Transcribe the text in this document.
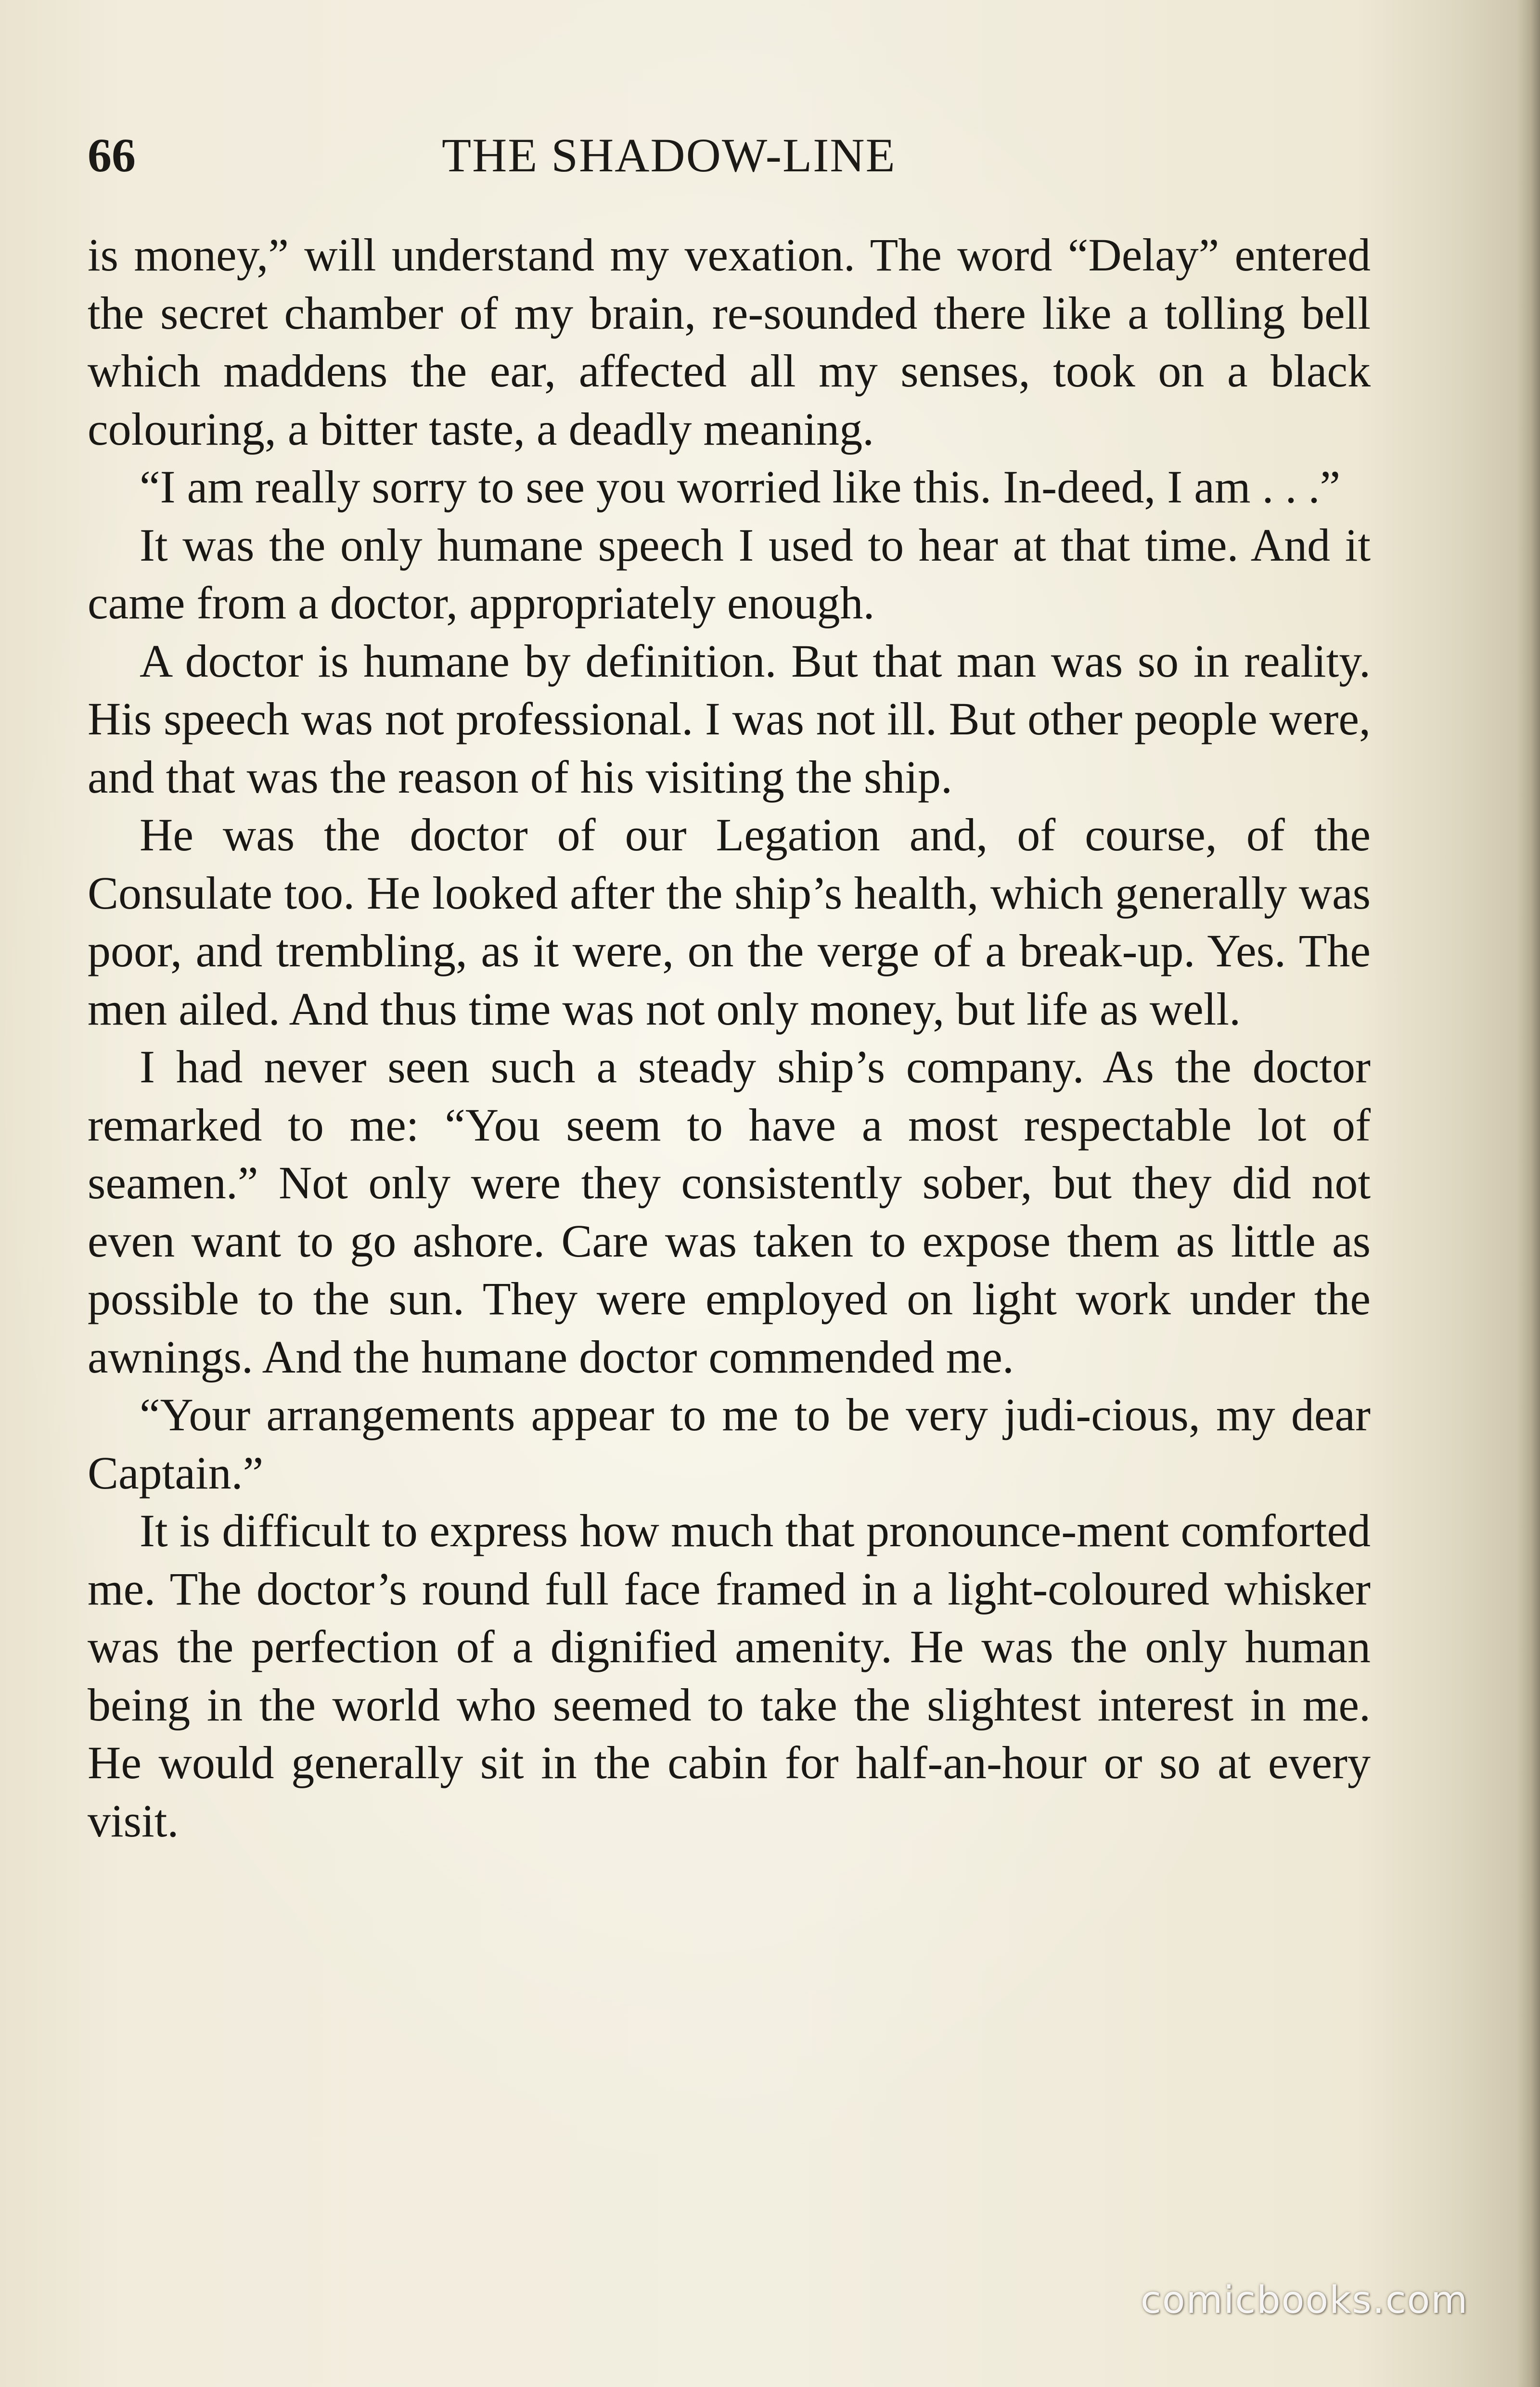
66	THE SHADOW-LINE

is money,” will understand my vexation. The word “Delay” entered the secret chamber of my brain, re-sounded there like a tolling bell which maddens the ear, affected all my senses, took on a black colouring, a bitter taste, a deadly meaning.

“I am really sorry to see you worried like this. In-deed, I am . . .”

It was the only humane speech I used to hear at that time. And it came from a doctor, appropriately enough.

A doctor is humane by definition. But that man was so in reality. His speech was not professional. I was not ill. But other people were, and that was the reason of his visiting the ship.

He was the doctor of our Legation and, of course, of the Consulate too. He looked after the ship’s health, which generally was poor, and trembling, as it were, on the verge of a break-up. Yes. The men ailed. And thus time was not only money, but life as well.

I had never seen such a steady ship’s company. As the doctor remarked to me: “You seem to have a most respectable lot of seamen.” Not only were they consistently sober, but they did not even want to go ashore. Care was taken to expose them as little as possible to the sun. They were employed on light work under the awnings. And the humane doctor commended me.

“Your arrangements appear to me to be very judi-cious, my dear Captain.”

It is difficult to express how much that pronounce-ment comforted me. The doctor’s round full face framed in a light-coloured whisker was the perfection of a dignified amenity. He was the only human being in the world who seemed to take the slightest interest in me. He would generally sit in the cabin for half-an-hour or so at every visit.

comicbooks.com
